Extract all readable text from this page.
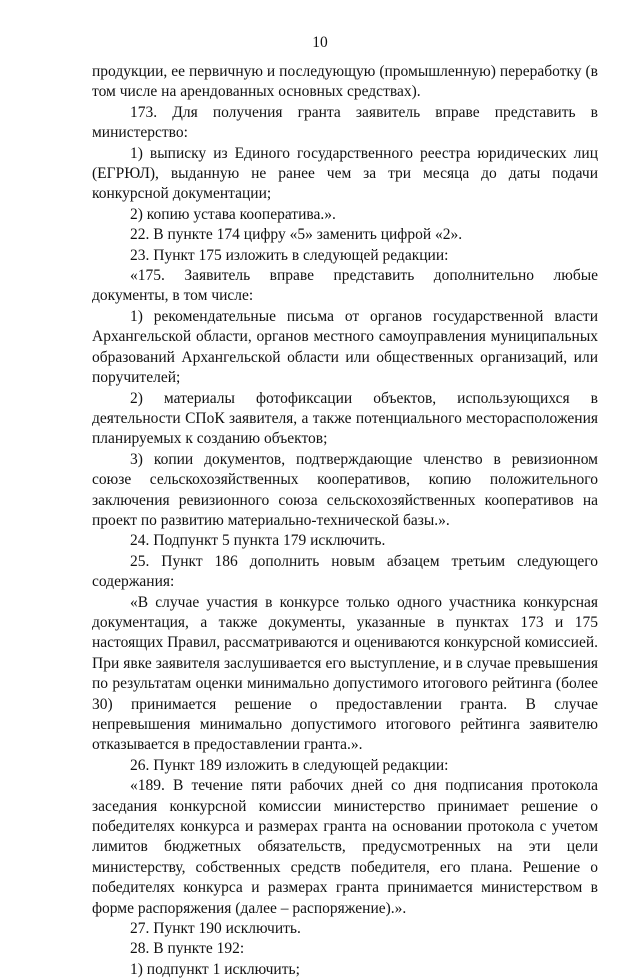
10

продукции, ее первичную и последующую (промышленную) переработку (в том числе на арендованных основных средствах).

173. Для получения гранта заявитель вправе представить в министерство:

1) выписку из Единого государственного реестра юридических лиц (ЕГРЮЛ), выданную не ранее чем за три месяца до даты подачи конкурсной документации;

2) копию устава кооператива.».

22. В пункте 174 цифру «5» заменить цифрой «2».

23. Пункт 175 изложить в следующей редакции:

«175. Заявитель вправе представить дополнительно любые документы, в том числе:

1) рекомендательные письма от органов государственной власти Архангельской области, органов местного самоуправления муниципальных образований Архангельской области или общественных организаций, или поручителей;

2) материалы фотофиксации объектов, использующихся в деятельности СПоК заявителя, а также потенциального месторасположения планируемых к созданию объектов;

3) копии документов, подтверждающие членство в ревизионном союзе сельскохозяйственных кооперативов, копию положительного заключения ревизионного союза сельскохозяйственных кооперативов на проект по развитию материально-технической базы.».

24. Подпункт 5 пункта 179 исключить.

25. Пункт 186 дополнить новым абзацем третьим следующего содержания:

«В случае участия в конкурсе только одного участника конкурсная документация, а также документы, указанные в пунктах 173 и 175 настоящих Правил, рассматриваются и оцениваются конкурсной комиссией. При явке заявителя заслушивается его выступление, и в случае превышения по результатам оценки минимально допустимого итогового рейтинга (более 30) принимается решение о предоставлении гранта. В случае непревышения минимально допустимого итогового рейтинга заявителю отказывается в предоставлении гранта.».

26. Пункт 189 изложить в следующей редакции:

«189. В течение пяти рабочих дней со дня подписания протокола заседания конкурсной комиссии министерство принимает решение о победителях конкурса и размерах гранта на основании протокола с учетом лимитов бюджетных обязательств, предусмотренных на эти цели министерству, собственных средств победителя, его плана. Решение о победителях конкурса и размерах гранта принимается министерством в форме распоряжения (далее – распоряжение).».

27. Пункт 190 исключить.

28. В пункте 192:

1) подпункт 1 исключить;
